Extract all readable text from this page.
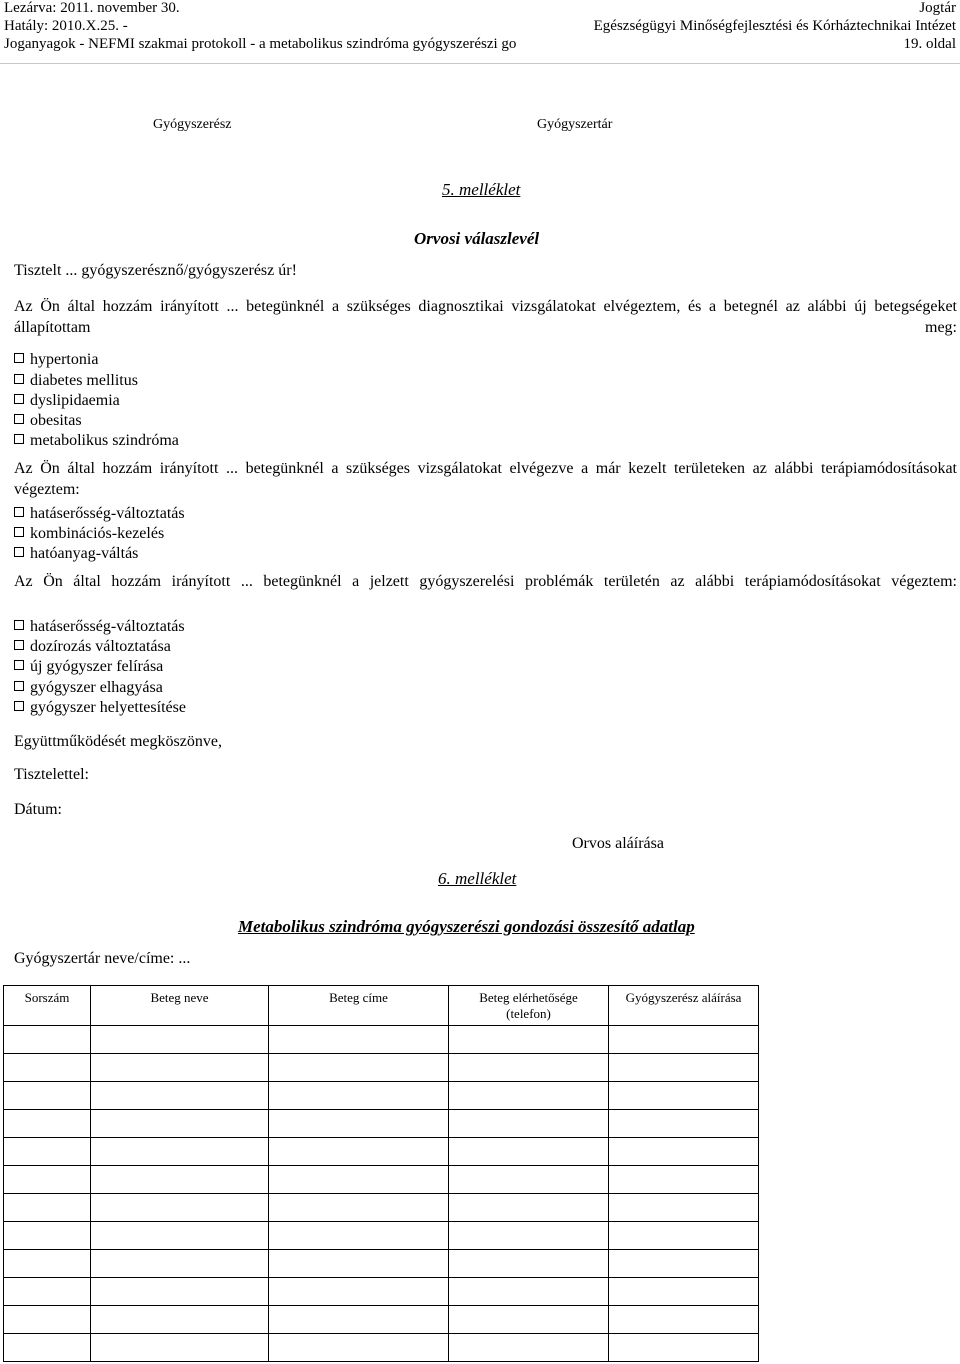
Lezárva: 2011. november 30.
Hatály: 2010.X.25. -
Joganyagok - NEFMI szakmai protokoll - a metabolikus szindróma gyógyszerészi go
Jogtár
Egészségügyi Minőségfejlesztési és Kórháztechnikai Intézet
19. oldal
Gyógyszerész	Gyógyszertár
5. melléklet
Orvosi válaszlevél
Tisztelt ... gyógyszerésznő/gyógyszerész úr!
Az Ön által hozzám irányított ... betegünknél a szükséges diagnosztikai vizsgálatokat elvégeztem, és a betegnél az alábbi új betegségeket állapítottam meg:
hypertonia
diabetes mellitus
dyslipidaemia
obesitas
metabolikus szindróma
Az Ön által hozzám irányított ... betegünknél a szükséges vizsgálatokat elvégezve a már kezelt területeken az alábbi terápiamódosításokat végeztem:
hatáserősség-változtatás
kombinációs-kezelés
hatóanyag-váltás
Az Ön által hozzám irányított ... betegünknél a jelzett gyógyszerelési problémák területén az alábbi terápiamódosításokat végeztem:
hatáserősség-változtatás
dozírozás változtatása
új gyógyszer felírása
gyógyszer elhagyása
gyógyszer helyettesítése
Együttműködését megköszönve,
Tisztelettel:
Dátum:
Orvos aláírása
6. melléklet
Metabolikus szindróma gyógyszerészi gondozási összesítő adatlap
Gyógyszertár neve/címe: ...
Sorszám	Beteg neve	Beteg címe	Beteg elérhetősége (telefon)	Gyógyszerész aláírása
